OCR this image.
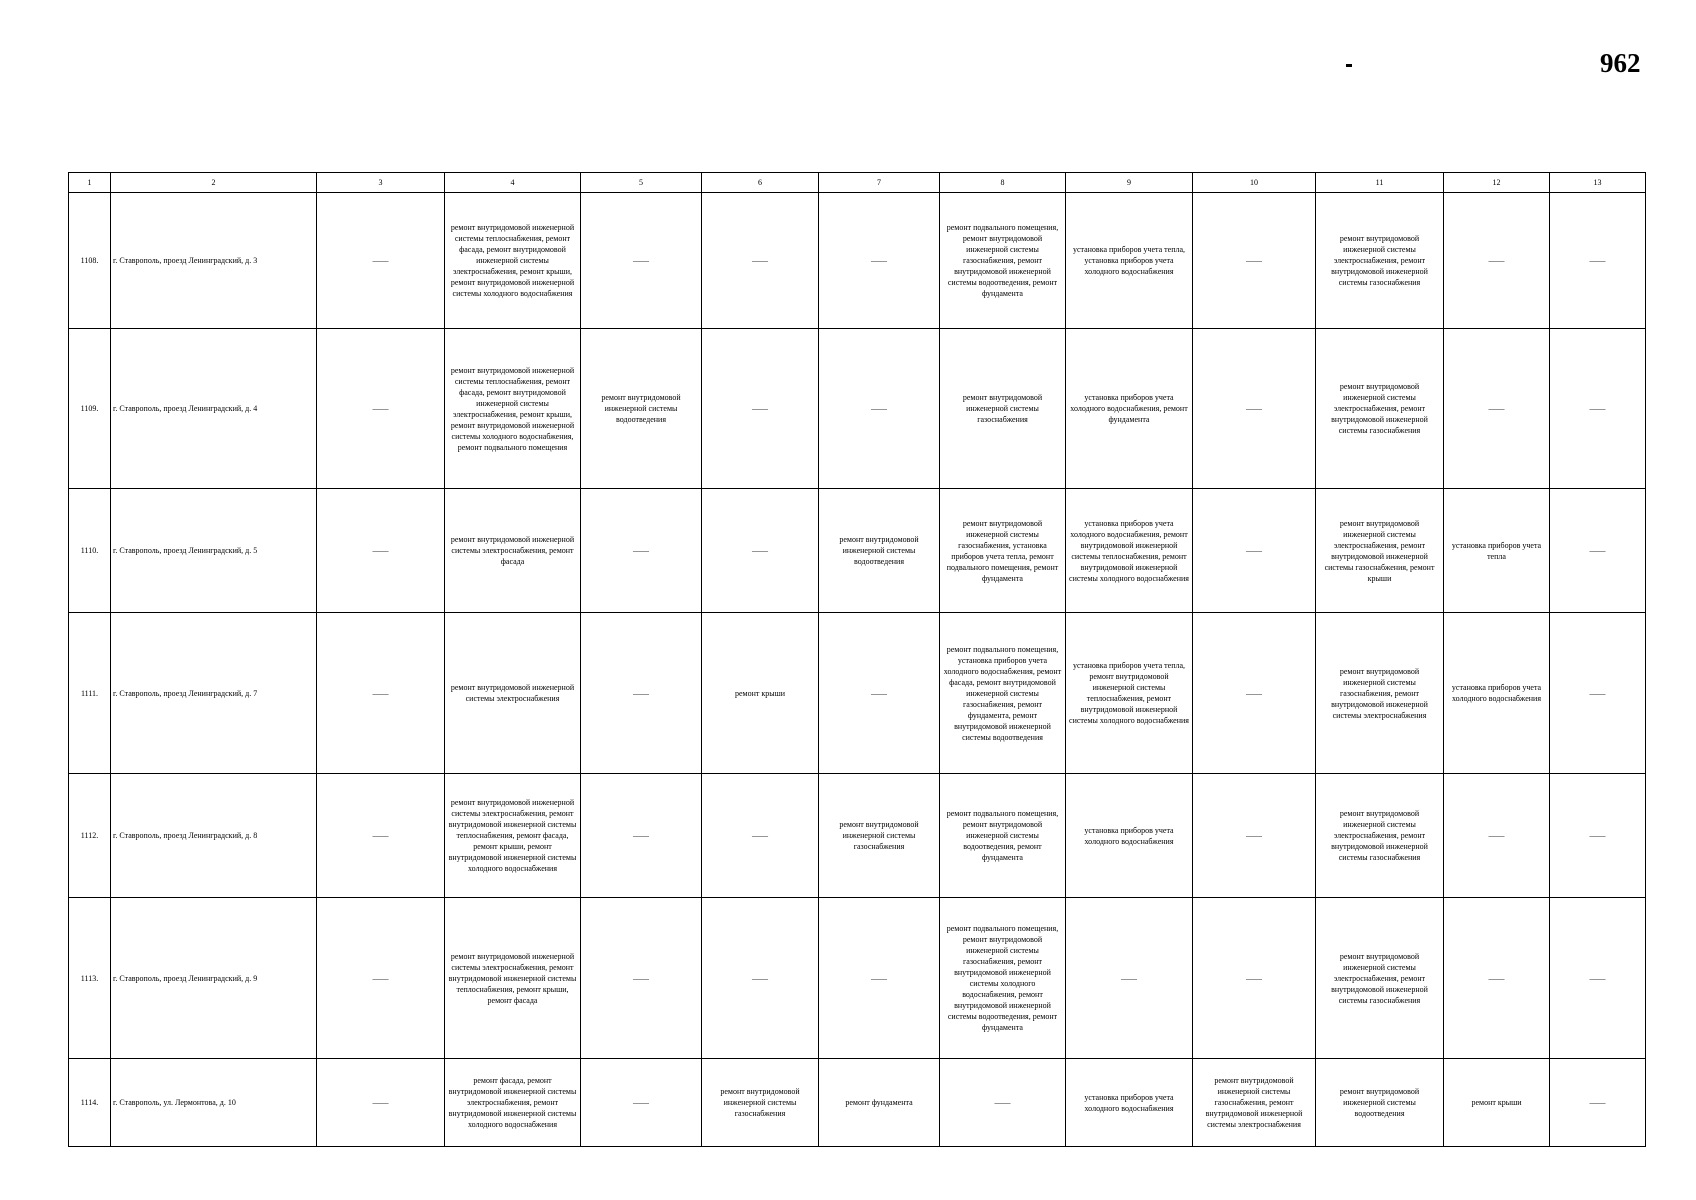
962
1	2	3	4	5	6	7	8	9	10	11	12	13
1108.	г. Ставрополь, проезд Ленинградский, д. 3	——	ремонт внутридомовой инженерной системы теплоснабжения, ремонт фасада, ремонт внутридомовой инженерной системы электроснабжения, ремонт крыши, ремонт внутридомовой инженерной системы холодного водоснабжения	——	——	——	ремонт подвального помещения, ремонт внутридомовой инженерной системы газоснабжения, ремонт внутридомовой инженерной системы водоотведения, ремонт фундамента	установка приборов учета тепла, установка приборов учета холодного водоснабжения	——	ремонт внутридомовой инженерной системы электроснабжения, ремонт внутридомовой инженерной системы газоснабжения	——	——
1109.	г. Ставрополь, проезд Ленинградский, д. 4	——	ремонт внутридомовой инженерной системы теплоснабжения, ремонт фасада, ремонт внутридомовой инженерной системы электроснабжения, ремонт крыши, ремонт внутридомовой инженерной системы холодного водоснабжения, ремонт подвального помещения	ремонт внутридомовой инженерной системы водоотведения	——	——	ремонт внутридомовой инженерной системы газоснабжения	установка приборов учета холодного водоснабжения, ремонт фундамента	——	ремонт внутридомовой инженерной системы электроснабжения, ремонт внутридомовой инженерной системы газоснабжения	——	——
1110.	г. Ставрополь, проезд Ленинградский, д. 5	——	ремонт внутридомовой инженерной системы электроснабжения, ремонт фасада	——	——	ремонт внутридомовой инженерной системы водоотведения	ремонт внутридомовой инженерной системы газоснабжения, установка приборов учета тепла, ремонт подвального помещения, ремонт фундамента	установка приборов учета холодного водоснабжения, ремонт внутридомовой инженерной системы теплоснабжения, ремонт внутридомовой инженерной системы холодного водоснабжения	——	ремонт внутридомовой инженерной системы электроснабжения, ремонт внутридомовой инженерной системы газоснабжения, ремонт крыши	установка приборов учета тепла	——
1111.	г. Ставрополь, проезд Ленинградский, д. 7	——	ремонт внутридомовой инженерной системы электроснабжения	——	ремонт крыши	——	ремонт подвального помещения, установка приборов учета холодного водоснабжения, ремонт фасада, ремонт внутридомовой инженерной системы газоснабжения, ремонт фундамента, ремонт внутридомовой инженерной системы водоотведения	установка приборов учета тепла, ремонт внутридомовой инженерной системы теплоснабжения, ремонт внутридомовой инженерной системы холодного водоснабжения	——	ремонт внутридомовой инженерной системы газоснабжения, ремонт внутридомовой инженерной системы электроснабжения	установка приборов учета холодного водоснабжения	——
1112.	г. Ставрополь, проезд Ленинградский, д. 8	——	ремонт внутридомовой инженерной системы электроснабжения, ремонт внутридомовой инженерной системы теплоснабжения, ремонт фасада, ремонт крыши, ремонт внутридомовой инженерной системы холодного водоснабжения	——	——	ремонт внутридомовой инженерной системы газоснабжения	ремонт подвального помещения, ремонт внутридомовой инженерной системы водоотведения, ремонт фундамента	установка приборов учета холодного водоснабжения	——	ремонт внутридомовой инженерной системы электроснабжения, ремонт внутридомовой инженерной системы газоснабжения	——	——
1113.	г. Ставрополь, проезд Ленинградский, д. 9	——	ремонт внутридомовой инженерной системы электроснабжения, ремонт внутридомовой инженерной системы теплоснабжения, ремонт крыши, ремонт фасада	——	——	——	ремонт подвального помещения, ремонт внутридомовой инженерной системы газоснабжения, ремонт внутридомовой инженерной системы холодного водоснабжения, ремонт внутридомовой инженерной системы водоотведения, ремонт фундамента	——	——	ремонт внутридомовой инженерной системы электроснабжения, ремонт внутридомовой инженерной системы газоснабжения	——	——
1114.	г. Ставрополь, ул. Лермонтова, д. 10	——	ремонт фасада, ремонт внутридомовой инженерной системы электроснабжения, ремонт внутридомовой инженерной системы холодного водоснабжения	——	ремонт внутридомовой инженерной системы газоснабжения	ремонт фундамента	——	установка приборов учета холодного водоснабжения	ремонт внутридомовой инженерной системы газоснабжения, ремонт внутридомовой инженерной системы электроснабжения	ремонт внутридомовой инженерной системы водоотведения	ремонт крыши	——
